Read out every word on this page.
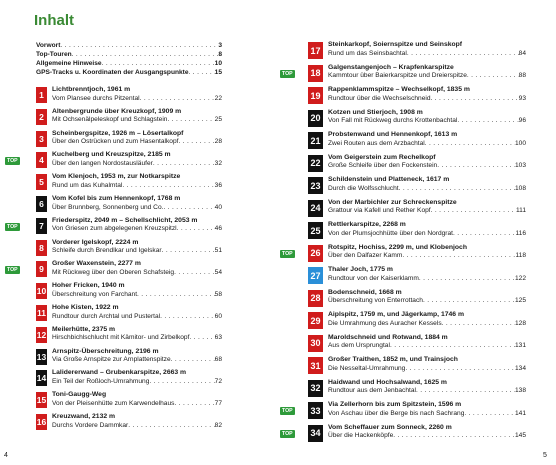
Inhalt
Vorwort . . .	3
Top-Touren . . .	8
Allgemeine Hinweise . . .	10
GPS-Tracks u. Koordinaten der Ausgangspunkte . . .	15
1
Lichtbrenntjoch, 1961 m
Vom Plansee durchs Pitzental . . .	22
2
Altenbergrunde über Kreuzkopf, 1909 m
Mit Ochsenälpeleskopf und Schlagstein . . .	25
3
Scheinbergspitze, 1926 m – Lösertalkopf
Über den Ostrücken und zum Hasentalkopf . . .	28
TOP	4
Kuchelberg und Kreuzspitze, 2185 m
Über den langen Nordostausläufer . . .	32
5
Vom Klenjoch, 1953 m, zur Notkarspitze
Rund um das Kuhalmtal . . .	36
6
Vom Kofel bis zum Hennenkopf, 1768 m
Über Brunnberg, Sonnenberg und Co. . . .	40
TOP	7
Friederspitz, 2049 m – Schellschlicht, 2053 m
Von Griesen zum abgelegenen Kreuzspitzl . . .	46
8
Vorderer Igelskopf, 2224 m
Schleife durch Brendlkar und Igelskar . . .	51
TOP	9
Großer Waxenstein, 2277 m
Mit Rückweg über den Oberen Schafsteig . . .	54
10
Hoher Fricken, 1940 m
Überschreitung von Farchant . . .	58
11
Hohe Kisten, 1922 m
Rundtour durch Archtal und Pustertal . . .	60
12
Meilerhütte, 2375 m
Hirschbichlschlucht mit Kämitor- und Zirbelkopf . . .	63
13
Arnspitz-Überschreitung, 2196 m
Via Große Arnspitze zur Arnplattenspitze . . .	68
14
Lalidererwand – Grubenkarspitze, 2663 m
Ein Teil der Roßloch-Umrahmung . . .	72
15
Toni-Gaugg-Weg
Von der Pleisenhütte zum Karwendelhaus . . .	77
16
Kreuzwand, 2132 m
Durchs Vordere Dammkar . . .	82
17
Steinkarkopf, Soiernspitze und Seinskopf
Rund um das Seinsbachtal . . .	84
TOP 18
Galgenstangenjoch – Krapfenkarspitze
Kammtour über Baierkarspitze und Dreierspitze . . .	88
19
Rappenklammspitze – Wechselkopf, 1835 m
Rundtour über die Wechselschneid . . .	93
20
Kotzen und Stierjoch, 1908 m
Von Fall mit Rückweg durchs Krottenbachtal . . .	96
21
Probstenwand und Hennenkopf, 1613 m
Zwei Routen aus dem Arzbachtal . . .	100
22
Vom Geigerstein zum Rechelkopf
Große Schleife über den Fockenstein . . .	103
23
Schildenstein und Platteneck, 1617 m
Durch die Wolfsschlucht . . .	108
24
Von der Marbichler zur Schreckenspitze
Grattour via Kafell und Rether Kopf . . .	111
25
Rettlerkarspitze, 2268 m
Von der Plumsjochhütte über den Nordgrat . . .	116
TOP 26
Rotspitz, Hochiss, 2299 m, und Klobenjoch
Über den Dalfazer Kamm . . .	118
27
Thaler Joch, 1775 m
Rundtour von der Kaiserklamm . . .	122
28
Bodenschneid, 1668 m
Überschreitung von Enterrottach . . .	125
29
Aiplspitz, 1759 m, und Jägerkamp, 1746 m
Die Umrahmung des Auracher Kessels . . .	128
30
Maroldschneid und Rotwand, 1884 m
Aus dem Ursprungtal . . .	131
31
Großer Traithen, 1852 m, und Trainsjoch
Die Nesseltal-Umrahmung . . .	134
32
Haidwand und Hochsalwand, 1625 m
Rundtour aus dem Jenbachtal . . .	138
TOP 33
Via Zellerhorn bis zum Spitzstein, 1596 m
Von Aschau über die Berge bis nach Sachrang . . .	141
TOP 34
Vom Scheffauer zum Sonneck, 2260 m
Über die Hackenköpfe . . .	145
4	5
